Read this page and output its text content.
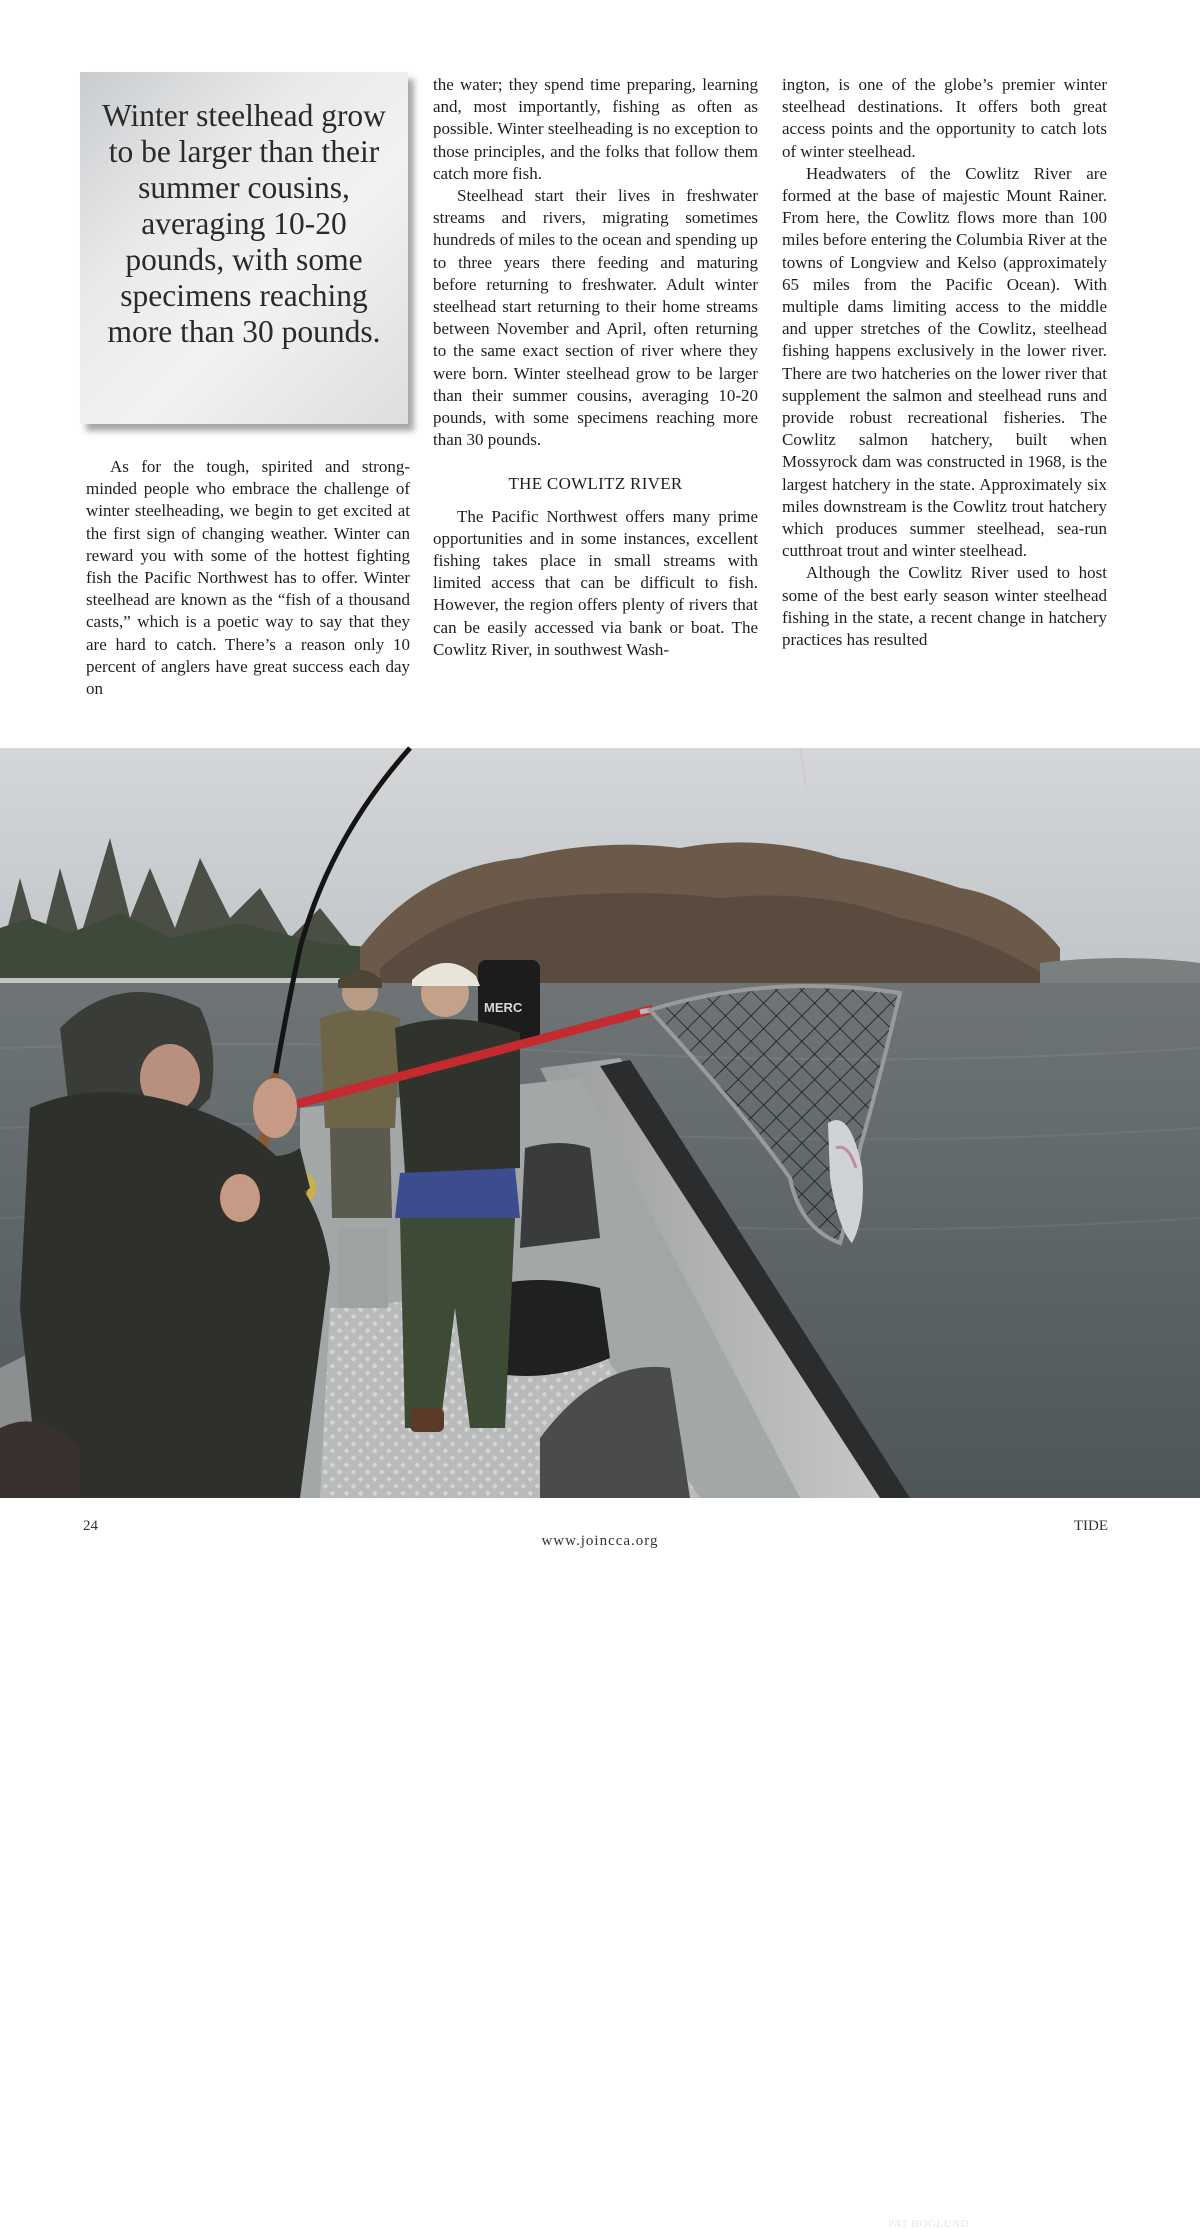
Winter steelhead grow to be larger than their summer cousins, averaging 10-20 pounds, with some specimens reaching more than 30 pounds.

As for the tough, spirited and strong-minded people who embrace the challenge of winter steelheading, we begin to get excited at the first sign of changing weather. Winter can reward you with some of the hottest fighting fish the Pacific Northwest has to offer. Winter steelhead are known as the “fish of a thousand casts,” which is a poetic way to say that they are hard to catch. There’s a reason only 10 percent of anglers have great success each day on

the water; they spend time preparing, learning and, most importantly, fishing as often as possible. Winter steelheading is no exception to those principles, and the folks that follow them catch more fish.

Steelhead start their lives in freshwater streams and rivers, migrating sometimes hundreds of miles to the ocean and spending up to three years there feeding and maturing before returning to freshwater. Adult winter steelhead start returning to their home streams between November and April, often returning to the same exact section of river where they were born. Winter steelhead grow to be larger than their summer cousins, averaging 10-20 pounds, with some specimens reaching more than 30 pounds.

THE COWLITZ RIVER

The Pacific Northwest offers many prime opportunities and in some instances, excellent fishing takes place in small streams with limited access that can be difficult to fish. However, the region offers plenty of rivers that can be easily accessed via bank or boat. The Cowlitz River, in southwest Wash-

ington, is one of the globe’s premier winter steelhead destinations. It offers both great access points and the opportunity to catch lots of winter steelhead.

Headwaters of the Cowlitz River are formed at the base of majestic Mount Rainer. From here, the Cowlitz flows more than 100 miles before entering the Columbia River at the towns of Longview and Kelso (approximately 65 miles from the Pacific Ocean). With multiple dams limiting access to the middle and upper stretches of the Cowlitz, steelhead fishing happens exclusively in the lower river. There are two hatcheries on the lower river that supplement the salmon and steelhead runs and provide robust recreational fisheries. The Cowlitz salmon hatchery, built when Mossyrock dam was constructed in 1968, is the largest hatchery in the state. Approximately six miles downstream is the Cowlitz trout hatchery which produces summer steelhead, sea-run cutthroat trout and winter steelhead.

Although the Cowlitz River used to host some of the best early season winter steelhead fishing in the state, a recent change in hatchery practices has resulted

MERC
PAT HOGLUND
24	TIDE
www.joincca.org
